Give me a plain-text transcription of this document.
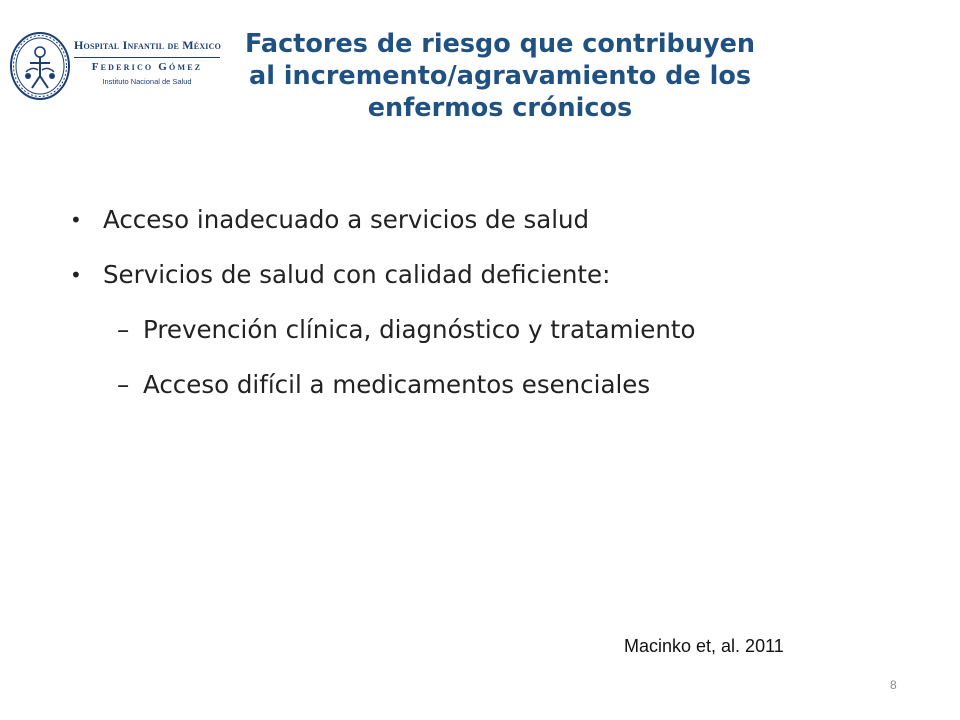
Hospital Infantil de México
Federico Gómez
Instituto Nacional de Salud
Factores de riesgo que contribuyen
al incremento/agravamiento de los
enfermos crónicos
• Acceso inadecuado a servicios de salud
• Servicios de salud con calidad deficiente:
– Prevención clínica, diagnóstico y tratamiento
– Acceso difícil a medicamentos esenciales
Macinko et, al. 2011
8
